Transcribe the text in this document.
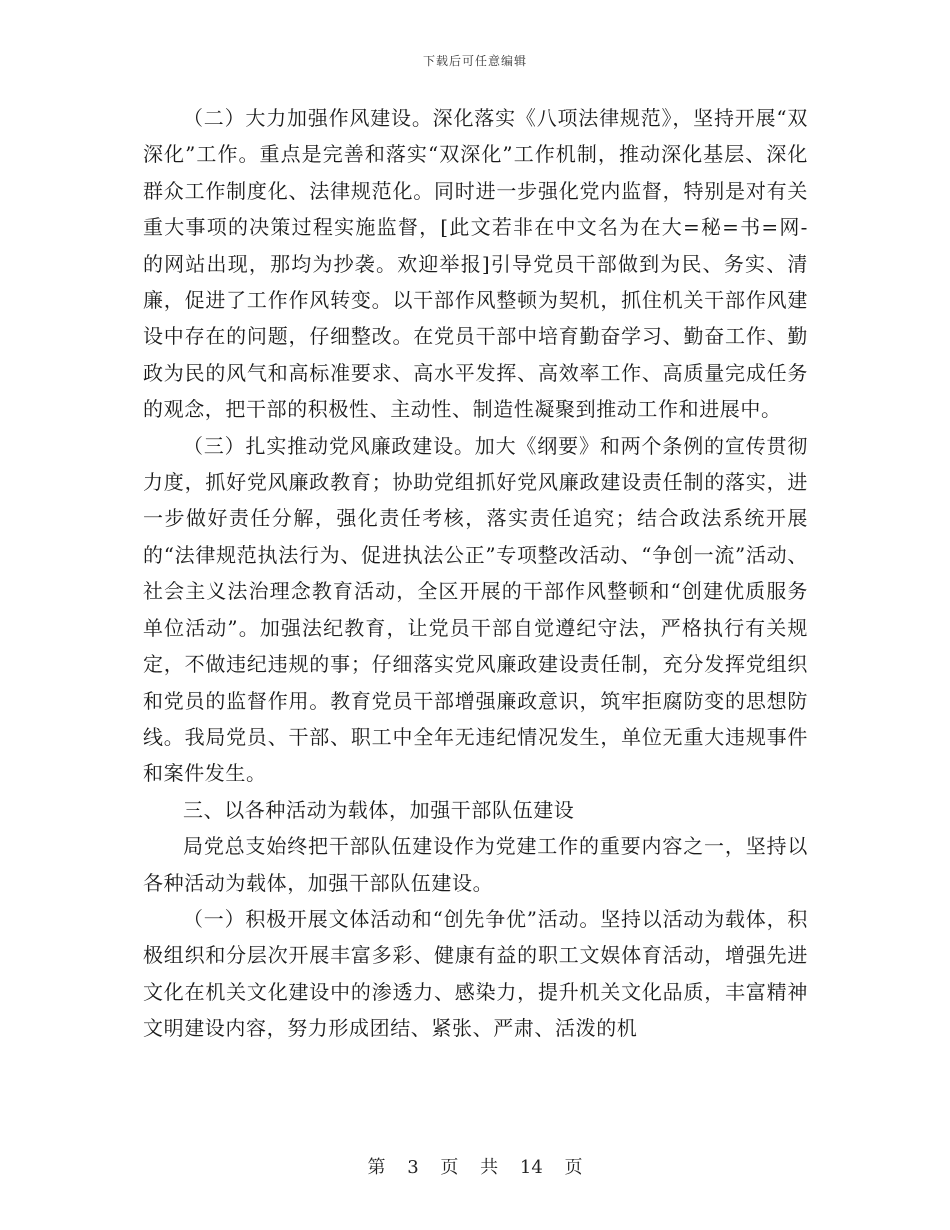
下载后可任意编辑

（二）大力加强作风建设。深化落实《八项法律规范》，坚持开展“双深化”工作。重点是完善和落实“双深化”工作机制，推动深化基层、深化群众工作制度化、法律规范化。同时进一步强化党内监督，特别是对有关重大事项的决策过程实施监督，[此文若非在中文名为在大=秘=书=网-的网站出现，那均为抄袭。欢迎举报]引导党员干部做到为民、务实、清廉，促进了工作作风转变。以干部作风整顿为契机，抓住机关干部作风建设中存在的问题，仔细整改。在党员干部中培育勤奋学习、勤奋工作、勤政为民的风气和高标准要求、高水平发挥、高效率工作、高质量完成任务的观念，把干部的积极性、主动性、制造性凝聚到推动工作和进展中。

（三）扎实推动党风廉政建设。加大《纲要》和两个条例的宣传贯彻力度，抓好党风廉政教育；协助党组抓好党风廉政建设责任制的落实，进一步做好责任分解，强化责任考核，落实责任追究；结合政法系统开展的“法律规范执法行为、促进执法公正”专项整改活动、“争创一流”活动、社会主义法治理念教育活动，全区开展的干部作风整顿和“创建优质服务单位活动”。加强法纪教育，让党员干部自觉遵纪守法，严格执行有关规定，不做违纪违规的事；仔细落实党风廉政建设责任制，充分发挥党组织和党员的监督作用。教育党员干部增强廉政意识，筑牢拒腐防变的思想防线。我局党员、干部、职工中全年无违纪情况发生，单位无重大违规事件和案件发生。

三、以各种活动为载体，加强干部队伍建设

局党总支始终把干部队伍建设作为党建工作的重要内容之一，坚持以各种活动为载体，加强干部队伍建设。

（一）积极开展文体活动和“创先争优”活动。坚持以活动为载体，积极组织和分层次开展丰富多彩、健康有益的职工文娱体育活动，增强先进文化在机关文化建设中的渗透力、感染力，提升机关文化品质，丰富精神文明建设内容，努力形成团结、紧张、严肃、活泼的机

第 3 页 共 14 页
